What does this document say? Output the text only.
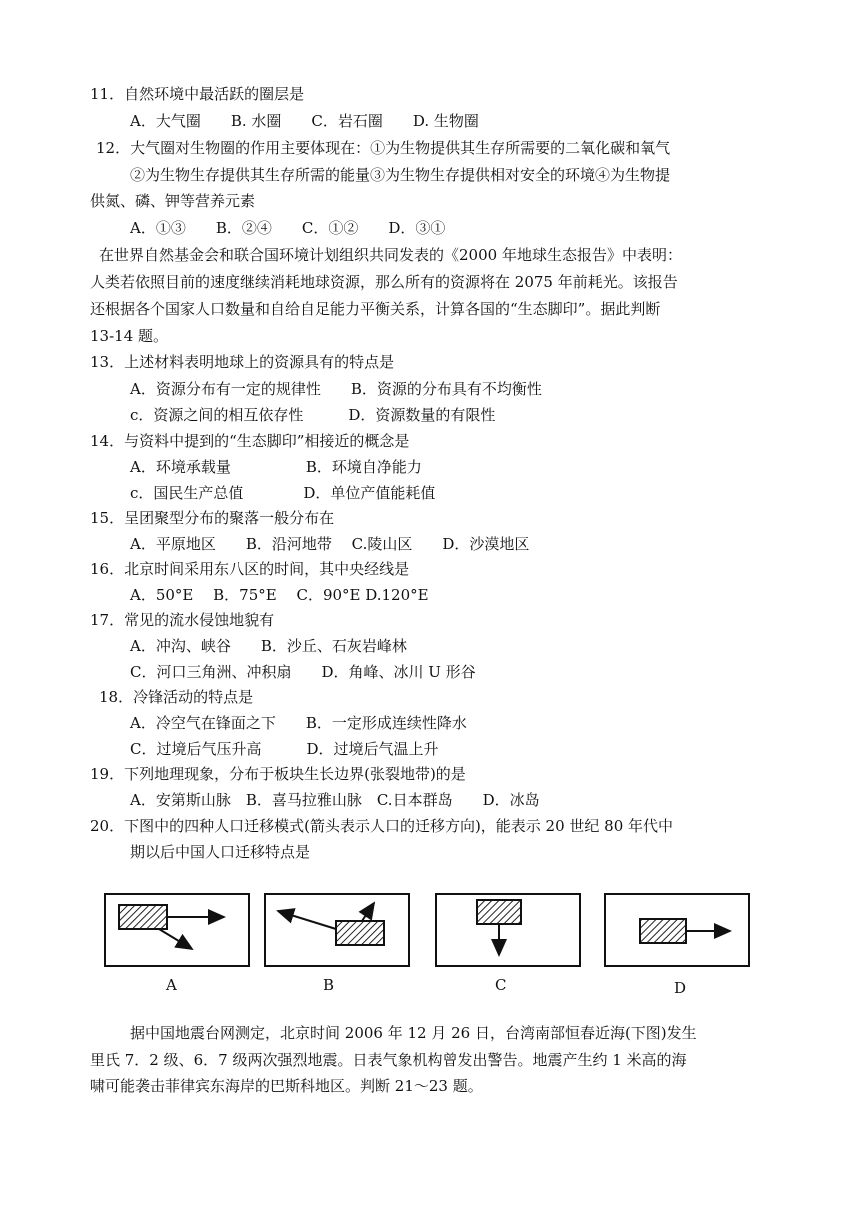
11．自然环境中最活跃的圈层是
A．大气圈　　B. 水圈　　C．岩石圈　　D. 生物圈
12．大气圈对生物圈的作用主要体现在：①为生物提供其生存所需要的二氧化碳和氧气
②为生物生存提供其生存所需的能量③为生物生存提供相对安全的环境④为生物提
供氮、磷、钾等营养元素
A．①③　　B．②④　　C．①②　　D．③①
在世界自然基金会和联合国环境计划组织共同发表的《2000 年地球生态报告》中表明：
人类若依照目前的速度继续消耗地球资源，那么所有的资源将在 2075 年前耗光。该报告
还根据各个国家人口数量和自给自足能力平衡关系，计算各国的“生态脚印”。据此判断
13-14 题。
13．上述材料表明地球上的资源具有的特点是
A．资源分布有一定的规律性　　B．资源的分布具有不均衡性
c．资源之间的相互依存性　　　D．资源数量的有限性
14．与资料中提到的“生态脚印”相接近的概念是
A．环境承载量　　　　　B．环境自净能力
c．国民生产总值　　　　D．单位产值能耗值
15．呈团聚型分布的聚落一般分布在
A．平原地区　　B．沿河地带　 C.陵山区　　D．沙漠地区
16．北京时间采用东八区的时间，其中央经线是
A．50°E　 B．75°E　 C．90°E D.120°E
17．常见的流水侵蚀地貌有
A．冲沟、峡谷　　B．沙丘、石灰岩峰林
C．河口三角洲、冲积扇　　D．角峰、冰川 U 形谷
18．冷锋活动的特点是
A．冷空气在锋面之下　　B．一定形成连续性降水
C．过境后气压升高　　　D．过境后气温上升
19．下列地理现象，分布于板块生长边界(张裂地带)的是
A．安第斯山脉　B．喜马拉雅山脉　C.日本群岛　　D．冰岛
20．下图中的四种人口迁移模式(箭头表示人口的迁移方向)，能表示 20 世纪 80 年代中
期以后中国人口迁移特点是
据中国地震台网测定，北京时间 2006 年 12 月 26 日，台湾南部恒春近海(下图)发生
里氏 7．2 级、6．7 级两次强烈地震。日表气象机构曾发出警告。地震产生约 1 米高的海
啸可能袭击菲律宾东海岸的巴斯科地区。判断 21～23 题。
A	B	C	D
